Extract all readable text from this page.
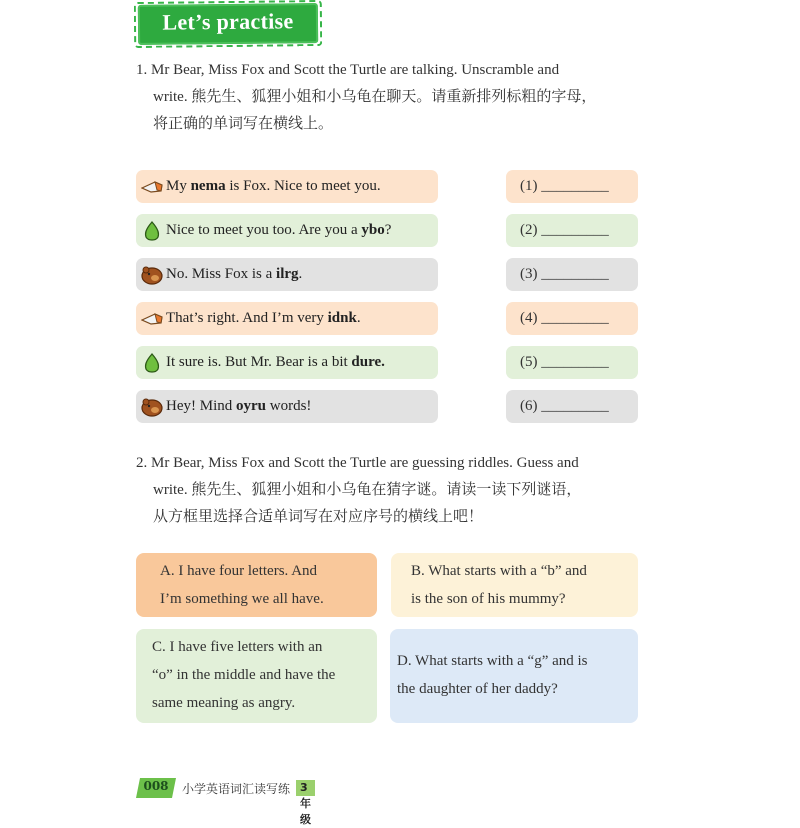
Let’s practise
1. Mr Bear, Miss Fox and Scott the Turtle are talking. Unscramble and
write. 熊先生、狐狸小姐和小乌龟在聊天。请重新排列标粗的字母，
将正确的单词写在横线上。
My nema is Fox. Nice to meet you.	(1) _________
Nice to meet you too. Are you a ybo?	(2) _________
No. Miss Fox is a ilrg.	(3) _________
That’s right. And I’m very idnk.	(4) _________
It sure is. But Mr. Bear is a bit dure.	(5) _________
Hey! Mind oyru words!	(6) _________
2. Mr Bear, Miss Fox and Scott the Turtle are guessing riddles. Guess and
write. 熊先生、狐狸小姐和小乌龟在猜字谜。请读一读下列谜语，
从方框里选择合适单词写在对应序号的横线上吧！
A. I have four letters. And
I’m something we all have.
B. What starts with a “b” and
is the son of his mummy?
C. I have five letters with an
“o” in the middle and have the
same meaning as angry.
D. What starts with a “g” and is
the daughter of her daddy?
008	小学英语词汇读写练 3年级
